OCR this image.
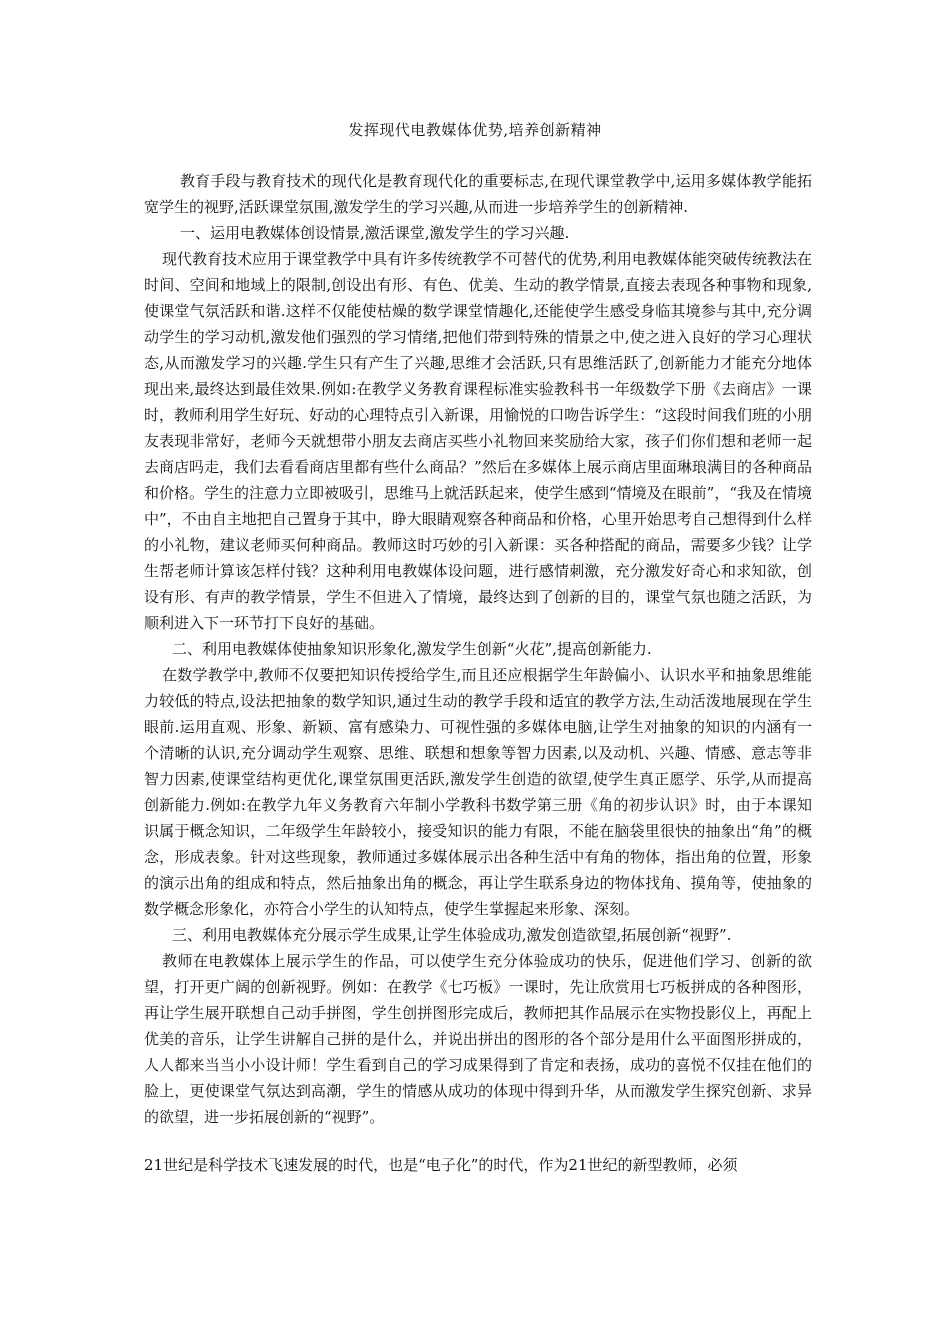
发挥现代电教媒体优势,培养创新精神

教育手段与教育技术的现代化是教育现代化的重要标志,在现代课堂教学中,运用多媒体教学能拓宽学生的视野,活跃课堂氛围,激发学生的学习兴趣,从而进一步培养学生的创新精神.

一、运用电教媒体创设情景,激活课堂,激发学生的学习兴趣.

现代教育技术应用于课堂教学中具有许多传统教学不可替代的优势,利用电教媒体能突破传统教法在时间、空间和地域上的限制,创设出有形、有色、优美、生动的教学情景,直接去表现各种事物和现象,使课堂气氛活跃和谐.这样不仅能使枯燥的数学课堂情趣化,还能使学生感受身临其境参与其中,充分调动学生的学习动机,激发他们强烈的学习情绪,把他们带到特殊的情景之中,使之进入良好的学习心理状态,从而激发学习的兴趣.学生只有产生了兴趣,思维才会活跃,只有思维活跃了,创新能力才能充分地体现出来,最终达到最佳效果.例如:在教学义务教育课程标准实验教科书一年级数学下册《去商店》一课时，教师利用学生好玩、好动的心理特点引入新课，用愉悦的口吻告诉学生：“这段时间我们班的小朋友表现非常好，老师今天就想带小朋友去商店买些小礼物回来奖励给大家，孩子们你们想和老师一起去商店吗走，我们去看看商店里都有些什么商品？”然后在多媒体上展示商店里面琳琅满目的各种商品和价格。学生的注意力立即被吸引，思维马上就活跃起来，使学生感到“情境及在眼前”，“我及在情境中”，不由自主地把自己置身于其中，睁大眼睛观察各种商品和价格，心里开始思考自己想得到什么样的小礼物，建议老师买何种商品。教师这时巧妙的引入新课：买各种搭配的商品，需要多少钱？让学生帮老师计算该怎样付钱？这种利用电教媒体设问题，进行感情刺激，充分激发好奇心和求知欲，创设有形、有声的教学情景，学生不但进入了情境，最终达到了创新的目的，课堂气氛也随之活跃，为顺利进入下一环节打下良好的基础。

二、利用电教媒体使抽象知识形象化,激发学生创新“火花”,提高创新能力.

在数学教学中,教师不仅要把知识传授给学生,而且还应根据学生年龄偏小、认识水平和抽象思维能力较低的特点,设法把抽象的数学知识,通过生动的教学手段和适宜的教学方法,生动活泼地展现在学生眼前.运用直观、形象、新颖、富有感染力、可视性强的多媒体电脑,让学生对抽象的知识的内涵有一个清晰的认识,充分调动学生观察、思维、联想和想象等智力因素,以及动机、兴趣、情感、意志等非智力因素,使课堂结构更优化,课堂氛围更活跃,激发学生创造的欲望,使学生真正愿学、乐学,从而提高创新能力.例如:在教学九年义务教育六年制小学教科书数学第三册《角的初步认识》时，由于本课知识属于概念知识，二年级学生年龄较小，接受知识的能力有限，不能在脑袋里很快的抽象出“角”的概念，形成表象。针对这些现象，教师通过多媒体展示出各种生活中有角的物体，指出角的位置，形象的演示出角的组成和特点，然后抽象出角的概念，再让学生联系身边的物体找角、摸角等，使抽象的数学概念形象化，亦符合小学生的认知特点，使学生掌握起来形象、深刻。

三、利用电教媒体充分展示学生成果,让学生体验成功,激发创造欲望,拓展创新“视野”.

教师在电教媒体上展示学生的作品，可以使学生充分体验成功的快乐，促进他们学习、创新的欲望，打开更广阔的创新视野。例如：在教学《七巧板》一课时，先让欣赏用七巧板拼成的各种图形，再让学生展开联想自己动手拼图，学生创拼图形完成后，教师把其作品展示在实物投影仪上，再配上优美的音乐，让学生讲解自己拼的是什么，并说出拼出的图形的各个部分是用什么平面图形拼成的，人人都来当当小小设计师！学生看到自己的学习成果得到了肯定和表扬，成功的喜悦不仅挂在他们的脸上，更使课堂气氛达到高潮，学生的情感从成功的体现中得到升华，从而激发学生探究创新、求异的欲望，进一步拓展创新的“视野”。

21世纪是科学技术飞速发展的时代，也是“电子化”的时代，作为21世纪的新型教师，必须
